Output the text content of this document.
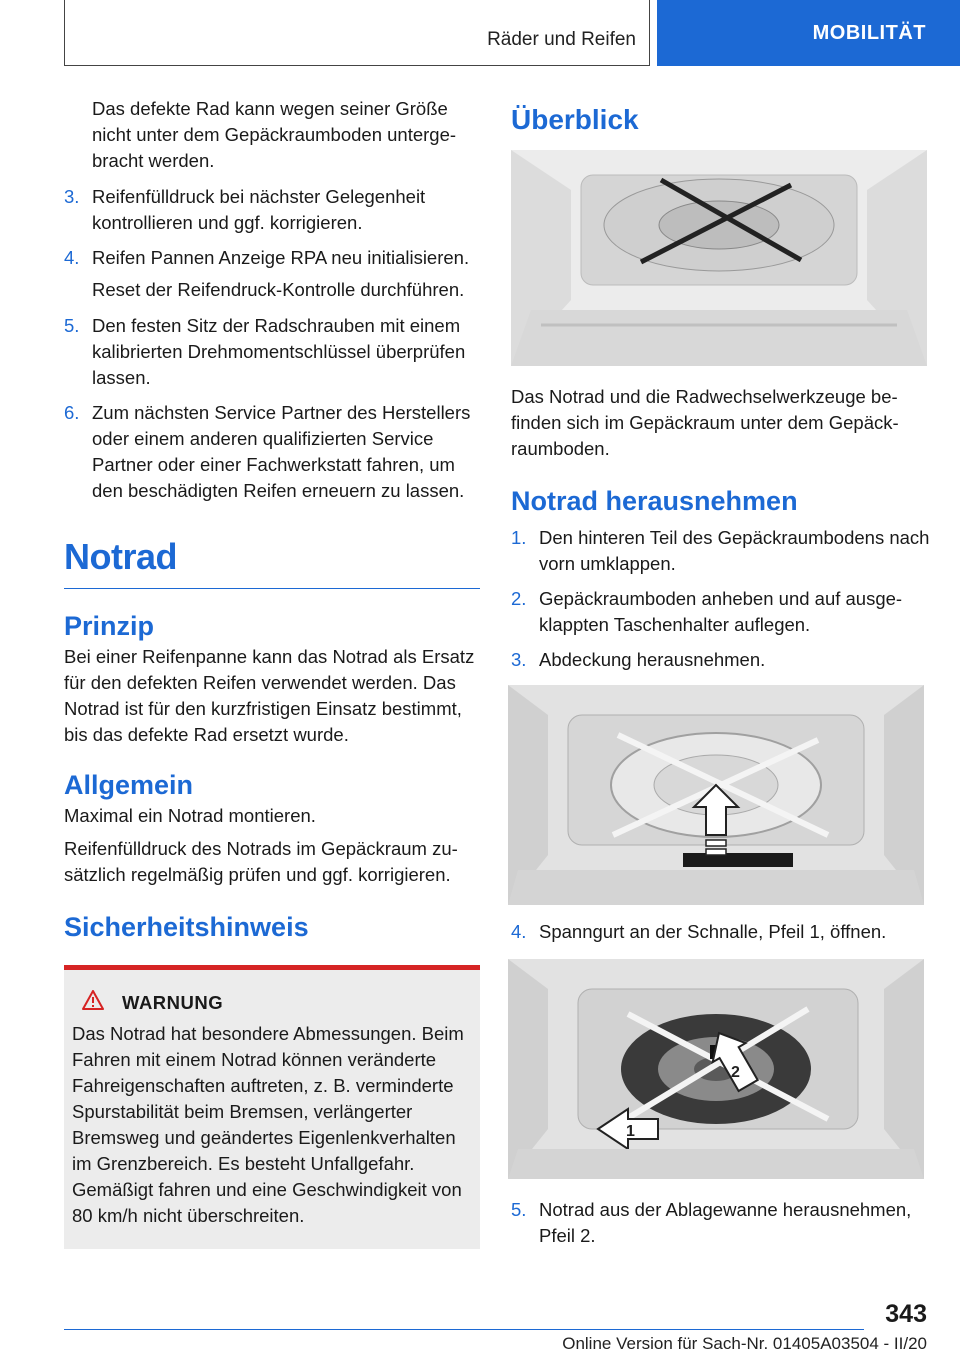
Räder und Reifen	MOBILITÄT

Das defekte Rad kann wegen seiner Größe nicht unter dem Gepäckraumboden untergebracht werden.

3. Reifenfülldruck bei nächster Gelegenheit kontrollieren und ggf. korrigieren.
4. Reifen Pannen Anzeige RPA neu initialisieren.

Reset der Reifendruck-Kontrolle durchführen.

5. Den festen Sitz der Radschrauben mit einem kalibrierten Drehmomentschlüssel überprüfen lassen.
6. Zum nächsten Service Partner des Herstellers oder einem anderen qualifizierten Service Partner oder einer Fachwerkstatt fahren, um den beschädigten Reifen erneuern zu lassen.
Notrad
Prinzip

Bei einer Reifenpanne kann das Notrad als Ersatz für den defekten Reifen verwendet werden. Das Notrad ist für den kurzfristigen Einsatz bestimmt, bis das defekte Rad ersetzt wurde.

Allgemein

Maximal ein Notrad montieren.

Reifenfülldruck des Notrads im Gepäckraum zusätzlich regelmäßig prüfen und ggf. korrigieren.

Sicherheitshinweis
WARNUNG

Das Notrad hat besondere Abmessungen. Beim Fahren mit einem Notrad können veränderte Fahreigenschaften auftreten, z. B. verminderte Spurstabilität beim Bremsen, verlängerter Bremsweg und geändertes Eigenlenkverhalten im Grenzbereich. Es besteht Unfallgefahr. Gemäßigt fahren und eine Geschwindigkeit von 80 km/h nicht überschreiten.

Überblick

Das Notrad und die Radwechselwerkzeuge befinden sich im Gepäckraum unter dem Gepäckraumboden.

Notrad herausnehmen
1. Den hinteren Teil des Gepäckraumbodens nach vorn umklappen.
2. Gepäckraumboden anheben und auf ausgeklappten Taschenhalter auflegen.
3. Abdeckung herausnehmen.
4. Spanngurt an der Schnalle, Pfeil 1, öffnen.
1
2
5. Notrad aus der Ablagewanne herausnehmen, Pfeil 2.
343
Online Version für Sach-Nr. 01405A03504 - II/20
